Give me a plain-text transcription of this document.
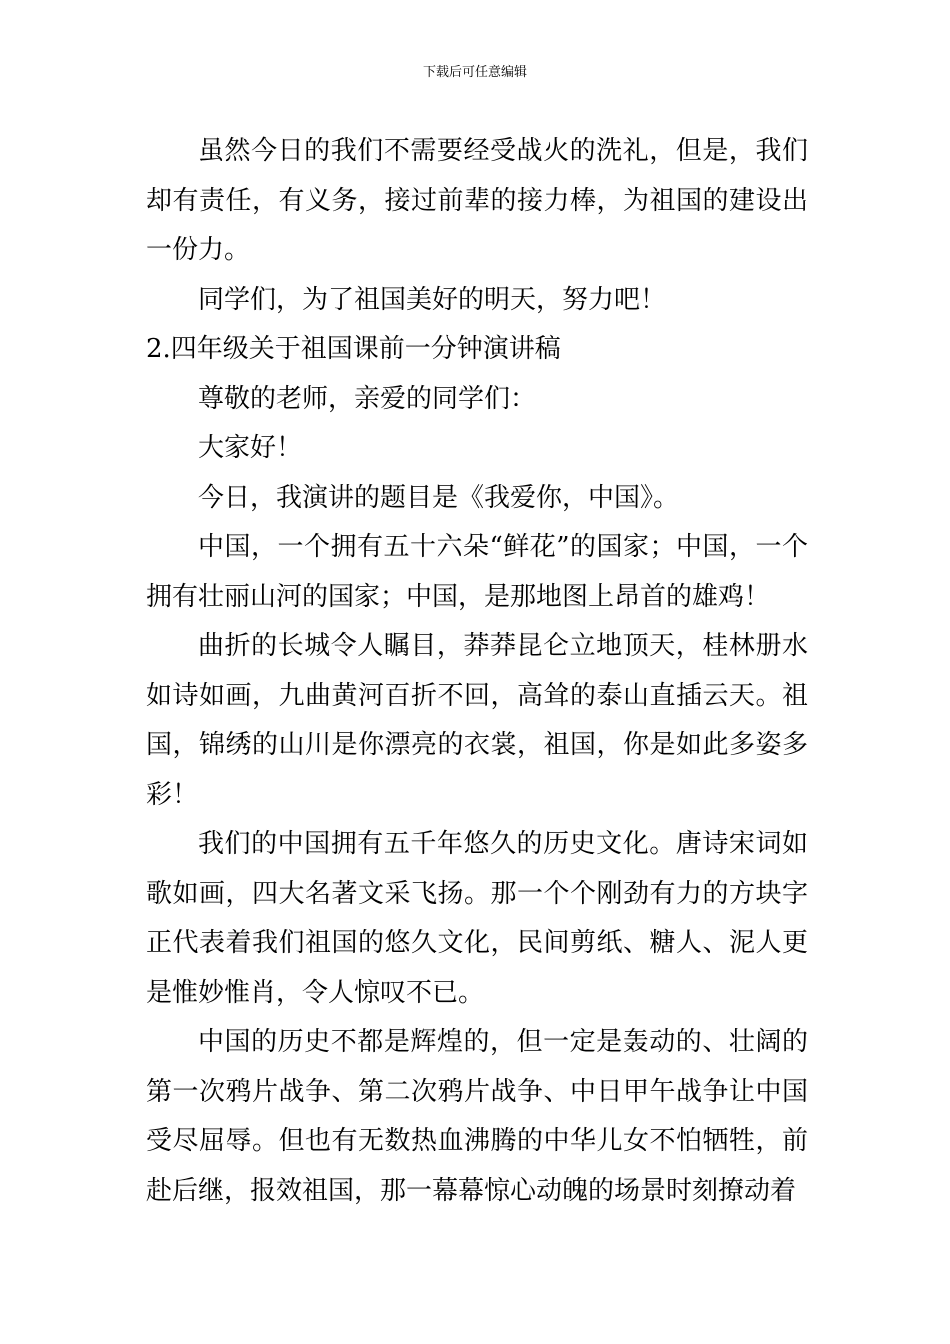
下载后可任意编辑

虽然今日的我们不需要经受战火的洗礼，但是，我们却有责任，有义务，接过前辈的接力棒，为祖国的建设出一份力。

同学们，为了祖国美好的明天，努力吧！

2.四年级关于祖国课前一分钟演讲稿

尊敬的老师，亲爱的同学们：

大家好！

今日，我演讲的题目是《我爱你，中国》。

中国，一个拥有五十六朵“鲜花”的国家；中国，一个拥有壮丽山河的国家；中国，是那地图上昂首的雄鸡！

曲折的长城令人瞩目，莽莽昆仑立地顶天，桂林册水如诗如画，九曲黄河百折不回，高耸的泰山直插云天。祖国，锦绣的山川是你漂亮的衣裳，祖国，你是如此多姿多彩！

我们的中国拥有五千年悠久的历史文化。唐诗宋词如歌如画，四大名著文采飞扬。那一个个刚劲有力的方块字正代表着我们祖国的悠久文化，民间剪纸、糖人、泥人更是惟妙惟肖，令人惊叹不已。

中国的历史不都是辉煌的，但一定是轰动的、壮阔的第一次鸦片战争、第二次鸦片战争、中日甲午战争让中国受尽屈辱。但也有无数热血沸腾的中华儿女不怕牺牲，前赴后继，报效祖国，那一幕幕惊心动魄的场景时刻撩动着
